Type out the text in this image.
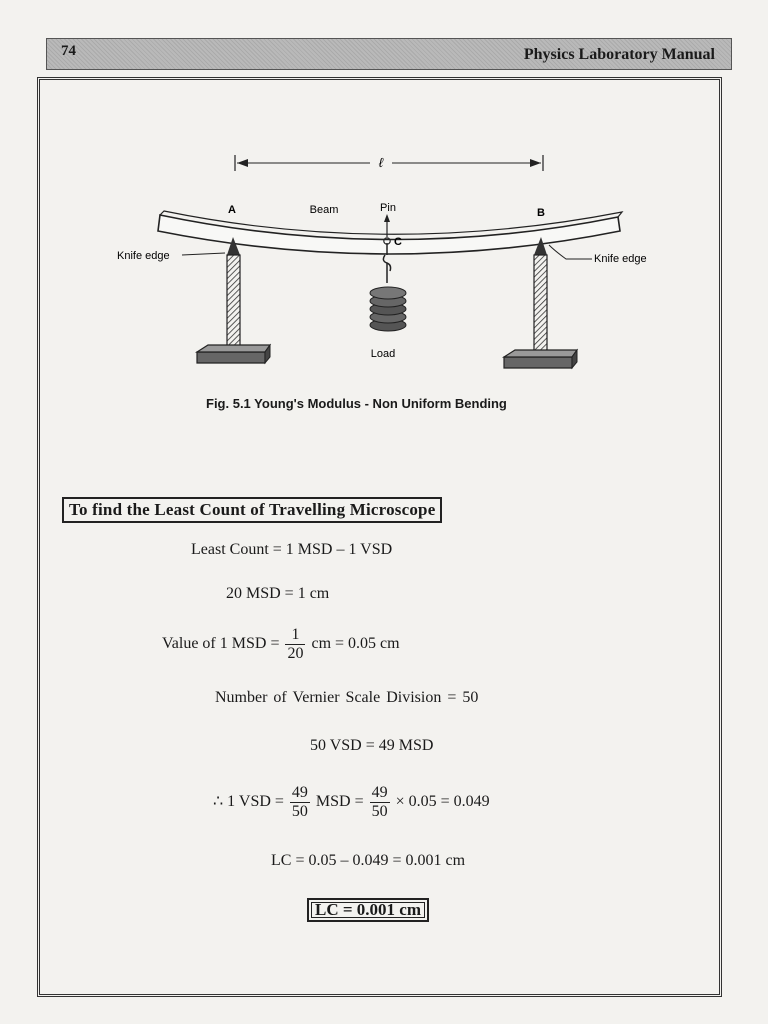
74	Physics Laboratory Manual
ℓ
A	B
Beam	Pin
C
Load
Knife edge	Knife edge
Fig. 5.1 Young's Modulus - Non Uniform Bending
To find the Least Count of Travelling Microscope
Least Count = 1 MSD – 1 VSD
20 MSD = 1 cm
Value of 1 MSD = $\frac{1}{20}$ cm = 0.05 cm
Number of Vernier Scale Division = 50
50 VSD = 49 MSD
∴ 1 VSD = $\frac{49}{50}$ MSD = $\frac{49}{50} \times 0.05 = 0.049$
LC = 0.05 – 0.049 = 0.001 cm
LC = 0.001 cm
